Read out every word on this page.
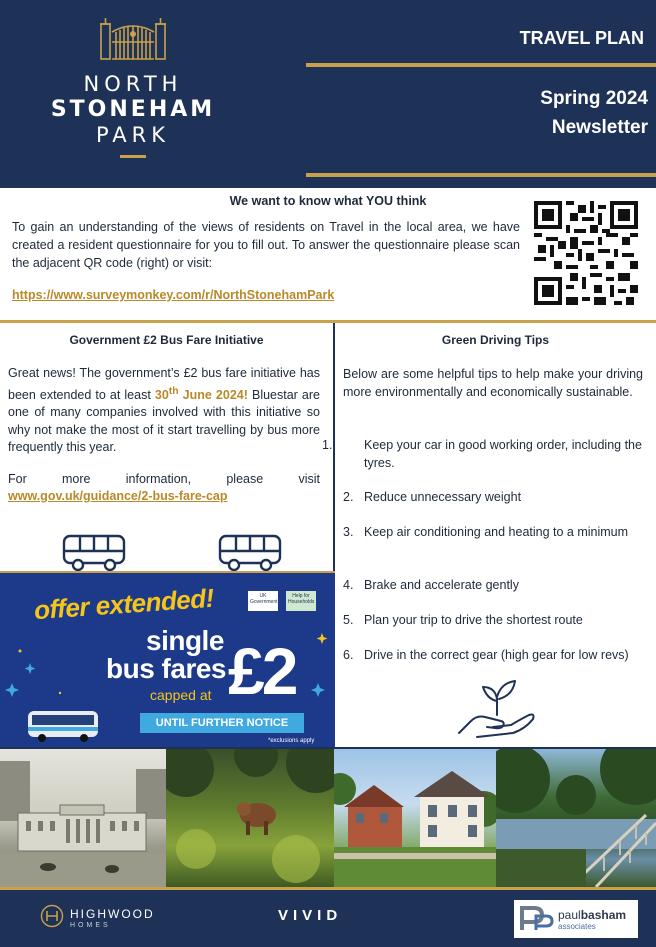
NORTH
STONEHAM
PARK
TRAVEL PLAN
Spring 2024
Newsletter
We want to know what YOU think
To gain an understanding of the views of residents on Travel in the local area, we have created a resident questionnaire for you to fill out. To answer the questionnaire please scan the adjacent QR code (right) or visit:
https://www.surveymonkey.com/r/NorthStonehamPark
Government £2 Bus Fare Initiative
Great news! The government’s £2 bus fare initiative has been extended to at least 30th June 2024! Bluestar are one of many companies involved with this initiative so why not make the most of it start travelling by bus more frequently this year.
For more information, please visit
www.gov.uk/guidance/2-bus-fare-cap
offer extended!	UK Government
Help for Households
single
bus fares
capped at £2
UNTIL FURTHER NOTICE
*exclusions apply
Green Driving Tips
Below are some helpful tips to help make your driving more environmentally and economically sustainable.
1.	Keep your car in good working order, including the tyres.
2. Reduce unnecessary weight
3. Keep air conditioning and heating to a minimum
4. Brake and accelerate gently
5. Plan your trip to drive the shortest route
6. Drive in the correct gear (high gear for low revs)
HIGHWOOD
HOMES
VIVID	paulbasham
associates
